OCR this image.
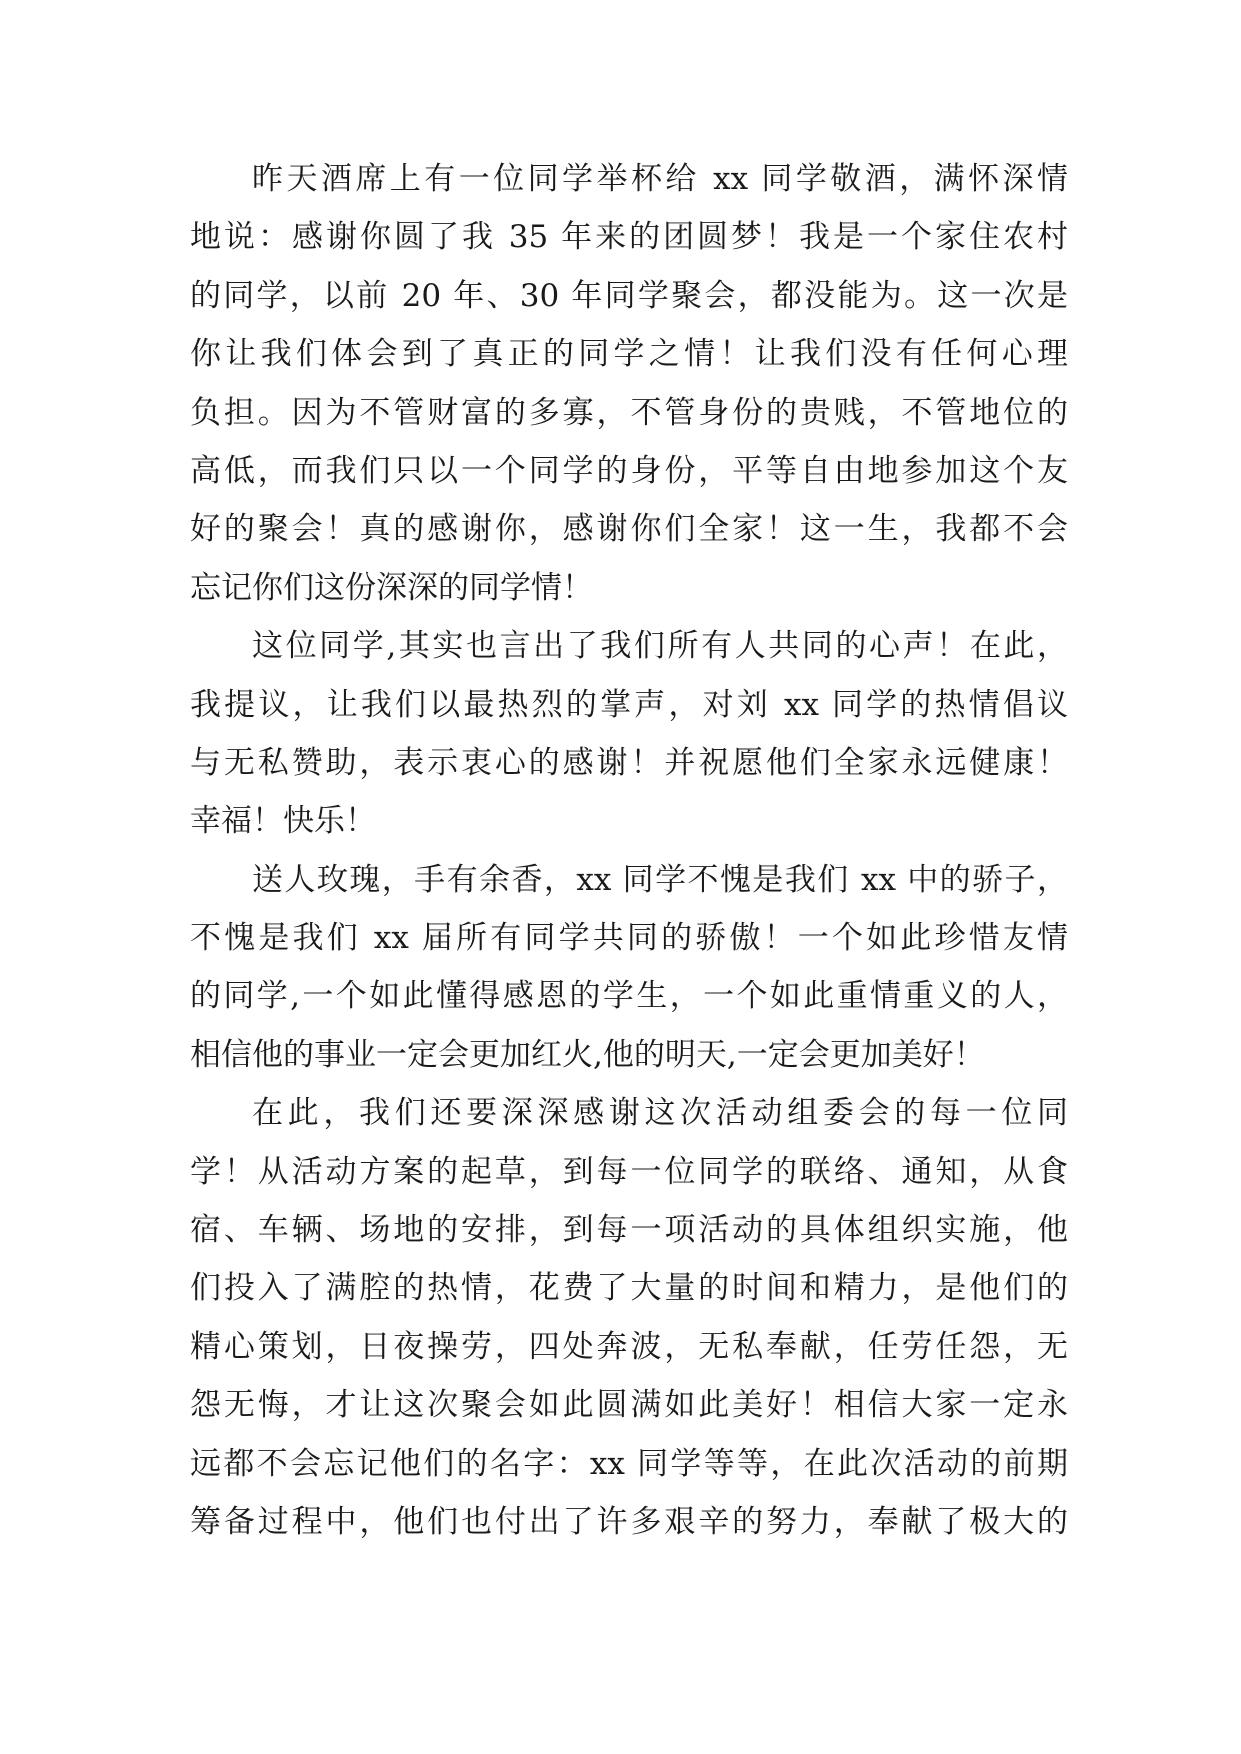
昨天酒席上有一位同学举杯给 xx 同学敬酒，满怀深情
地说：感谢你圆了我 35 年来的团圆梦！我是一个家住农村
的同学，以前 20 年、30 年同学聚会，都没能为。这一次是
你让我们体会到了真正的同学之情！让我们没有任何心理
负担。因为不管财富的多寡，不管身份的贵贱，不管地位的
高低，而我们只以一个同学的身份，平等自由地参加这个友
好的聚会！真的感谢你，感谢你们全家！这一生，我都不会
忘记你们这份深深的同学情！
这位同学,其实也言出了我们所有人共同的心声！在此，
我提议，让我们以最热烈的掌声，对刘 xx 同学的热情倡议
与无私赞助，表示衷心的感谢！并祝愿他们全家永远健康！
幸福！快乐！
送人玫瑰，手有余香，xx 同学不愧是我们 xx 中的骄子，
不愧是我们 xx 届所有同学共同的骄傲！一个如此珍惜友情
的同学,一个如此懂得感恩的学生，一个如此重情重义的人，
相信他的事业一定会更加红火,他的明天,一定会更加美好！
在此，我们还要深深感谢这次活动组委会的每一位同
学！从活动方案的起草，到每一位同学的联络、通知，从食
宿、车辆、场地的安排，到每一项活动的具体组织实施，他
们投入了满腔的热情，花费了大量的时间和精力，是他们的
精心策划，日夜操劳，四处奔波，无私奉献，任劳任怨，无
怨无悔，才让这次聚会如此圆满如此美好！相信大家一定永
远都不会忘记他们的名字：xx 同学等等，在此次活动的前期
筹备过程中，他们也付出了许多艰辛的努力，奉献了极大的
